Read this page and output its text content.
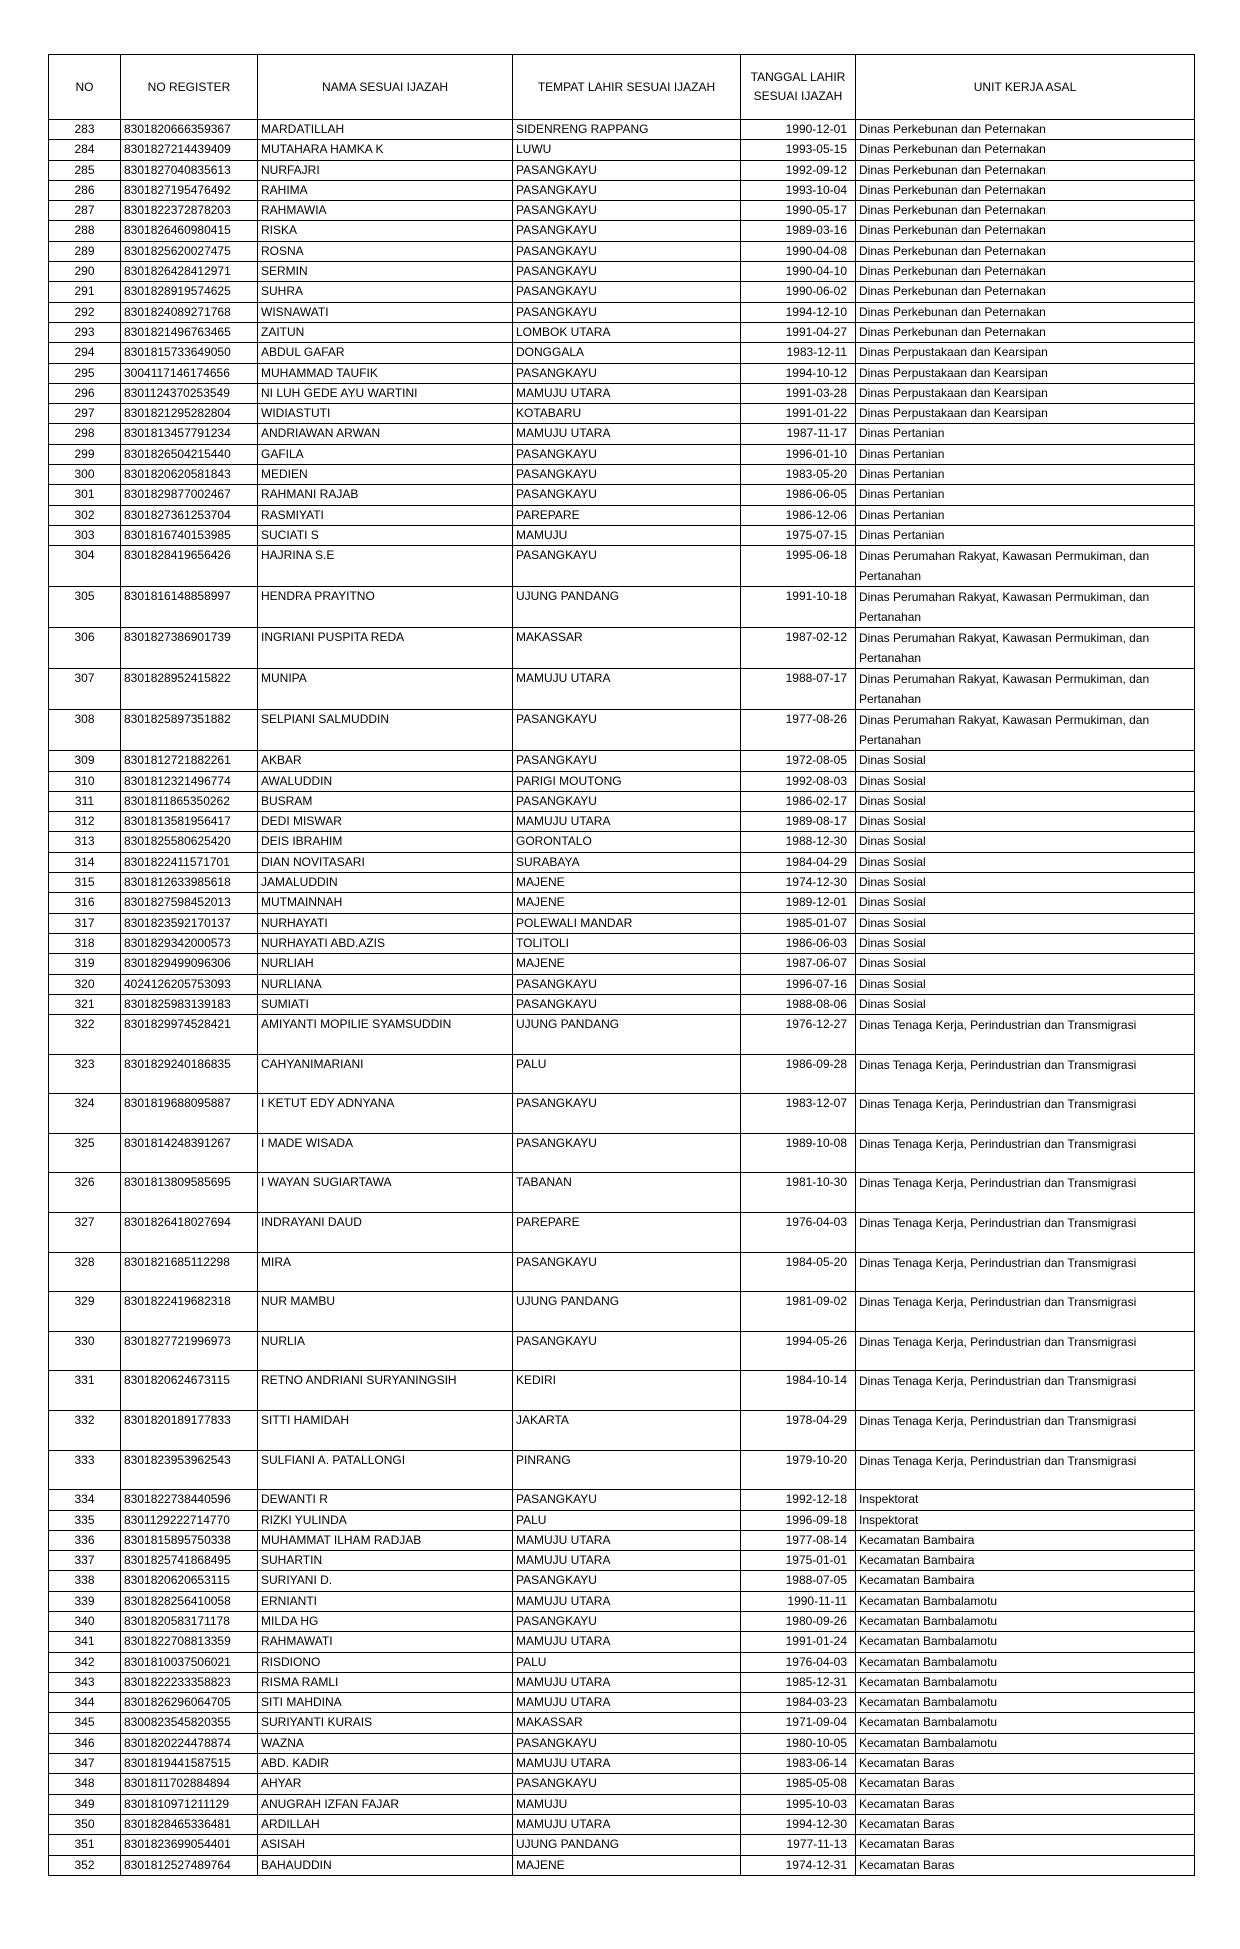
NO	NO REGISTER	NAMA SESUAI IJAZAH	TEMPAT LAHIR SESUAI IJAZAH	TANGGAL LAHIR SESUAI IJAZAH	UNIT KERJA ASAL
283	8301820666359367	MARDATILLAH	SIDENRENG RAPPANG	1990-12-01	Dinas Perkebunan dan Peternakan
284	8301827214439409	MUTAHARA HAMKA K	LUWU	1993-05-15	Dinas Perkebunan dan Peternakan
285	8301827040835613	NURFAJRI	PASANGKAYU	1992-09-12	Dinas Perkebunan dan Peternakan
286	8301827195476492	RAHIMA	PASANGKAYU	1993-10-04	Dinas Perkebunan dan Peternakan
287	8301822372878203	RAHMAWIA	PASANGKAYU	1990-05-17	Dinas Perkebunan dan Peternakan
288	8301826460980415	RISKA	PASANGKAYU	1989-03-16	Dinas Perkebunan dan Peternakan
289	8301825620027475	ROSNA	PASANGKAYU	1990-04-08	Dinas Perkebunan dan Peternakan
290	8301826428412971	SERMIN	PASANGKAYU	1990-04-10	Dinas Perkebunan dan Peternakan
291	8301828919574625	SUHRA	PASANGKAYU	1990-06-02	Dinas Perkebunan dan Peternakan
292	8301824089271768	WISNAWATI	PASANGKAYU	1994-12-10	Dinas Perkebunan dan Peternakan
293	8301821496763465	ZAITUN	LOMBOK UTARA	1991-04-27	Dinas Perkebunan dan Peternakan
294	8301815733649050	ABDUL GAFAR	DONGGALA	1983-12-11	Dinas Perpustakaan dan Kearsipan
295	3004117146174656	MUHAMMAD TAUFIK	PASANGKAYU	1994-10-12	Dinas Perpustakaan dan Kearsipan
296	8301124370253549	NI LUH GEDE AYU WARTINI	MAMUJU UTARA	1991-03-28	Dinas Perpustakaan dan Kearsipan
297	8301821295282804	WIDIASTUTI	KOTABARU	1991-01-22	Dinas Perpustakaan dan Kearsipan
298	8301813457791234	ANDRIAWAN ARWAN	MAMUJU UTARA	1987-11-17	Dinas Pertanian
299	8301826504215440	GAFILA	PASANGKAYU	1996-01-10	Dinas Pertanian
300	8301820620581843	MEDIEN	PASANGKAYU	1983-05-20	Dinas Pertanian
301	8301829877002467	RAHMANI RAJAB	PASANGKAYU	1986-06-05	Dinas Pertanian
302	8301827361253704	RASMIYATI	PAREPARE	1986-12-06	Dinas Pertanian
303	8301816740153985	SUCIATI S	MAMUJU	1975-07-15	Dinas Pertanian
304	8301828419656426	HAJRINA S.E	PASANGKAYU	1995-06-18	Dinas Perumahan Rakyat, Kawasan Permukiman, dan Pertanahan
305	8301816148858997	HENDRA PRAYITNO	UJUNG PANDANG	1991-10-18	Dinas Perumahan Rakyat, Kawasan Permukiman, dan Pertanahan
306	8301827386901739	INGRIANI PUSPITA REDA	MAKASSAR	1987-02-12	Dinas Perumahan Rakyat, Kawasan Permukiman, dan Pertanahan
307	8301828952415822	MUNIPA	MAMUJU UTARA	1988-07-17	Dinas Perumahan Rakyat, Kawasan Permukiman, dan Pertanahan
308	8301825897351882	SELPIANI SALMUDDIN	PASANGKAYU	1977-08-26	Dinas Perumahan Rakyat, Kawasan Permukiman, dan Pertanahan
309	8301812721882261	AKBAR	PASANGKAYU	1972-08-05	Dinas Sosial
310	8301812321496774	AWALUDDIN	PARIGI MOUTONG	1992-08-03	Dinas Sosial
311	8301811865350262	BUSRAM	PASANGKAYU	1986-02-17	Dinas Sosial
312	8301813581956417	DEDI MISWAR	MAMUJU UTARA	1989-08-17	Dinas Sosial
313	8301825580625420	DEIS IBRAHIM	GORONTALO	1988-12-30	Dinas Sosial
314	8301822411571701	DIAN NOVITASARI	SURABAYA	1984-04-29	Dinas Sosial
315	8301812633985618	JAMALUDDIN	MAJENE	1974-12-30	Dinas Sosial
316	8301827598452013	MUTMAINNAH	MAJENE	1989-12-01	Dinas Sosial
317	8301823592170137	NURHAYATI	POLEWALI MANDAR	1985-01-07	Dinas Sosial
318	8301829342000573	NURHAYATI ABD.AZIS	TOLITOLI	1986-06-03	Dinas Sosial
319	8301829499096306	NURLIAH	MAJENE	1987-06-07	Dinas Sosial
320	4024126205753093	NURLIANA	PASANGKAYU	1996-07-16	Dinas Sosial
321	8301825983139183	SUMIATI	PASANGKAYU	1988-08-06	Dinas Sosial
322	8301829974528421	AMIYANTI MOPILIE SYAMSUDDIN	UJUNG PANDANG	1976-12-27	Dinas Tenaga Kerja, Perindustrian dan Transmigrasi
323	8301829240186835	CAHYANIMARIANI	PALU	1986-09-28	Dinas Tenaga Kerja, Perindustrian dan Transmigrasi
324	8301819688095887	I KETUT EDY ADNYANA	PASANGKAYU	1983-12-07	Dinas Tenaga Kerja, Perindustrian dan Transmigrasi
325	8301814248391267	I MADE WISADA	PASANGKAYU	1989-10-08	Dinas Tenaga Kerja, Perindustrian dan Transmigrasi
326	8301813809585695	I WAYAN SUGIARTAWA	TABANAN	1981-10-30	Dinas Tenaga Kerja, Perindustrian dan Transmigrasi
327	8301826418027694	INDRAYANI DAUD	PAREPARE	1976-04-03	Dinas Tenaga Kerja, Perindustrian dan Transmigrasi
328	8301821685112298	MIRA	PASANGKAYU	1984-05-20	Dinas Tenaga Kerja, Perindustrian dan Transmigrasi
329	8301822419682318	NUR MAMBU	UJUNG PANDANG	1981-09-02	Dinas Tenaga Kerja, Perindustrian dan Transmigrasi
330	8301827721996973	NURLIA	PASANGKAYU	1994-05-26	Dinas Tenaga Kerja, Perindustrian dan Transmigrasi
331	8301820624673115	RETNO ANDRIANI SURYANINGSIH	KEDIRI	1984-10-14	Dinas Tenaga Kerja, Perindustrian dan Transmigrasi
332	8301820189177833	SITTI HAMIDAH	JAKARTA	1978-04-29	Dinas Tenaga Kerja, Perindustrian dan Transmigrasi
333	8301823953962543	SULFIANI A. PATALLONGI	PINRANG	1979-10-20	Dinas Tenaga Kerja, Perindustrian dan Transmigrasi
334	8301822738440596	DEWANTI R	PASANGKAYU	1992-12-18	Inspektorat
335	8301129222714770	RIZKI YULINDA	PALU	1996-09-18	Inspektorat
336	8301815895750338	MUHAMMAT ILHAM RADJAB	MAMUJU UTARA	1977-08-14	Kecamatan Bambaira
337	8301825741868495	SUHARTIN	MAMUJU UTARA	1975-01-01	Kecamatan Bambaira
338	8301820620653115	SURIYANI D.	PASANGKAYU	1988-07-05	Kecamatan Bambaira
339	8301828256410058	ERNIANTI	MAMUJU UTARA	1990-11-11	Kecamatan Bambalamotu
340	8301820583171178	MILDA HG	PASANGKAYU	1980-09-26	Kecamatan Bambalamotu
341	8301822708813359	RAHMAWATI	MAMUJU UTARA	1991-01-24	Kecamatan Bambalamotu
342	8301810037506021	RISDIONO	PALU	1976-04-03	Kecamatan Bambalamotu
343	8301822233358823	RISMA RAMLI	MAMUJU UTARA	1985-12-31	Kecamatan Bambalamotu
344	8301826296064705	SITI MAHDINA	MAMUJU UTARA	1984-03-23	Kecamatan Bambalamotu
345	8300823545820355	SURIYANTI KURAIS	MAKASSAR	1971-09-04	Kecamatan Bambalamotu
346	8301820224478874	WAZNA	PASANGKAYU	1980-10-05	Kecamatan Bambalamotu
347	8301819441587515	ABD. KADIR	MAMUJU UTARA	1983-06-14	Kecamatan Baras
348	8301811702884894	AHYAR	PASANGKAYU	1985-05-08	Kecamatan Baras
349	8301810971211129	ANUGRAH IZFAN FAJAR	MAMUJU	1995-10-03	Kecamatan Baras
350	8301828465336481	ARDILLAH	MAMUJU UTARA	1994-12-30	Kecamatan Baras
351	8301823699054401	ASISAH	UJUNG PANDANG	1977-11-13	Kecamatan Baras
352	8301812527489764	BAHAUDDIN	MAJENE	1974-12-31	Kecamatan Baras
